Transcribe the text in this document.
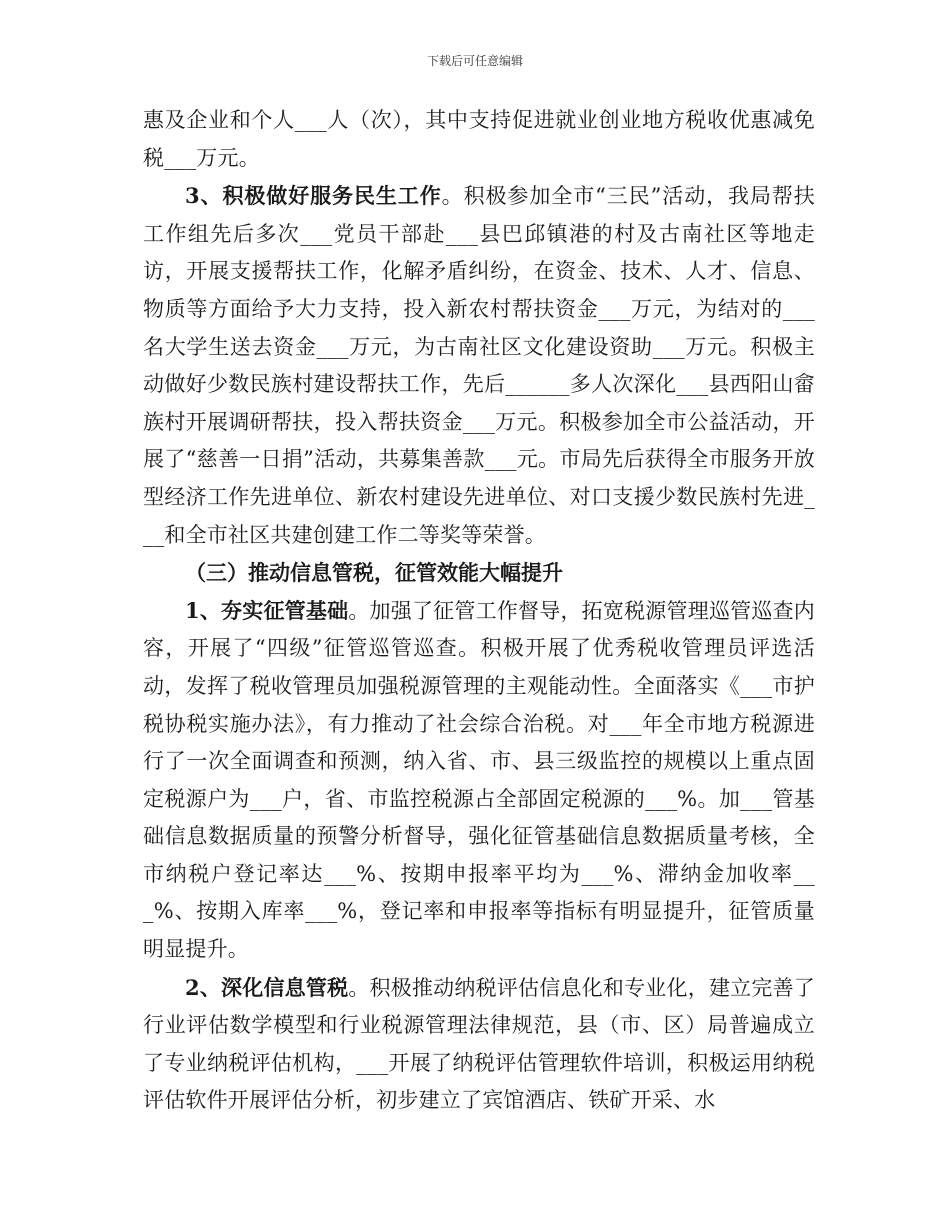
下载后可任意编辑

惠及企业和个人___人（次），其中支持促进就业创业地方税收优惠减免税___万元。

3、积极做好服务民生工作。积极参加全市“三民”活动，我局帮扶工作组先后多次___党员干部赴___县巴邱镇港的村及古南社区等地走访，开展支援帮扶工作，化解矛盾纠纷，在资金、技术、人才、信息、物质等方面给予大力支持，投入新农村帮扶资金___万元，为结对的___名大学生送去资金___万元，为古南社区文化建设资助___万元。积极主动做好少数民族村建设帮扶工作，先后______多人次深化___县西阳山畲族村开展调研帮扶，投入帮扶资金___万元。积极参加全市公益活动，开展了“慈善一日捐”活动，共募集善款___元。市局先后获得全市服务开放型经济工作先进单位、新农村建设先进单位、对口支援少数民族村先进___和全市社区共建创建工作二等奖等荣誉。

（三）推动信息管税，征管效能大幅提升

1、夯实征管基础。加强了征管工作督导，拓宽税源管理巡管巡查内容，开展了“四级”征管巡管巡查。积极开展了优秀税收管理员评选活动，发挥了税收管理员加强税源管理的主观能动性。全面落实《___市护税协税实施办法》，有力推动了社会综合治税。对___年全市地方税源进行了一次全面调查和预测，纳入省、市、县三级监控的规模以上重点固定税源户为___户，省、市监控税源占全部固定税源的___%。加___管基础信息数据质量的预警分析督导，强化征管基础信息数据质量考核，全市纳税户登记率达___%、按期申报率平均为___%、滞纳金加收率___%、按期入库率___%，登记率和申报率等指标有明显提升，征管质量明显提升。

2、深化信息管税。积极推动纳税评估信息化和专业化，建立完善了行业评估数学模型和行业税源管理法律规范，县（市、区）局普遍成立了专业纳税评估机构，___开展了纳税评估管理软件培训，积极运用纳税评估软件开展评估分析，初步建立了宾馆酒店、铁矿开采、水
